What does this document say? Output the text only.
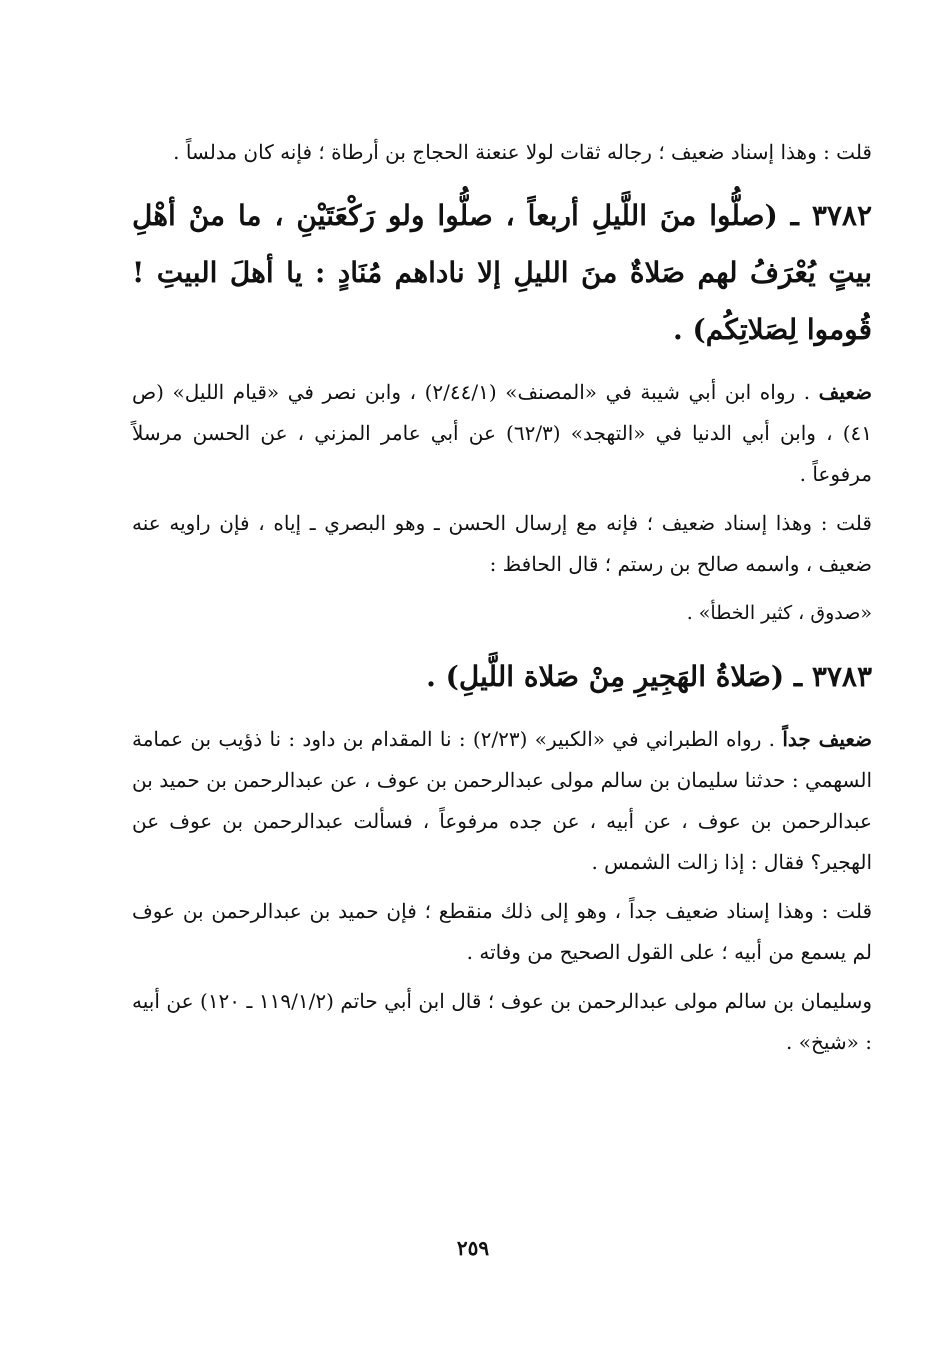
قلت : وهذا إسناد ضعيف ؛ رجاله ثقات لولا عنعنة الحجاج بن أرطاة ؛ فإنه كان مدلساً .

٣٧٨٢ ـ (صلُّوا منَ اللَّيلِ أربعاً ، صلُّوا ولو رَكْعَتَيْنِ ، ما منْ أهْلِ بيتٍ يُعْرَفُ لهم صَلاةٌ منَ الليلِ إلا ناداهم مُنَادٍ : يا أهلَ البيتِ ! قُوموا لِصَلاتِكُم) .

ضعيف . رواه ابن أبي شيبة في «المصنف» (٢/٤٤/١) ، وابن نصر في «قيام الليل» (ص ٤١) ، وابن أبي الدنيا في «التهجد» (٦٢/٣) عن أبي عامر المزني ، عن الحسن مرسلاً مرفوعاً .

قلت : وهذا إسناد ضعيف ؛ فإنه مع إرسال الحسن ـ وهو البصري ـ إياه ، فإن راويه عنه ضعيف ، واسمه صالح بن رستم ؛ قال الحافظ :

«صدوق ، كثير الخطأ» .

٣٧٨٣ ـ (صَلاةُ الهَجِيرِ مِنْ صَلاة اللَّيلِ) .

ضعيف جداً . رواه الطبراني في «الكبير» (٢/٢٣) : نا المقدام بن داود : نا ذؤيب بن عمامة السهمي : حدثنا سليمان بن سالم مولى عبدالرحمن بن عوف ، عن عبدالرحمن بن حميد بن عبدالرحمن بن عوف ، عن أبيه ، عن جده مرفوعاً ، فسألت عبدالرحمن بن عوف عن الهجير؟ فقال : إذا زالت الشمس .

قلت : وهذا إسناد ضعيف جداً ، وهو إلى ذلك منقطع ؛ فإن حميد بن عبدالرحمن بن عوف لم يسمع من أبيه ؛ على القول الصحيح من وفاته .

وسليمان بن سالم مولى عبدالرحمن بن عوف ؛ قال ابن أبي حاتم (١١٩/١/٢ ـ ١٢٠) عن أبيه : «شيخ» .

٢٥٩
